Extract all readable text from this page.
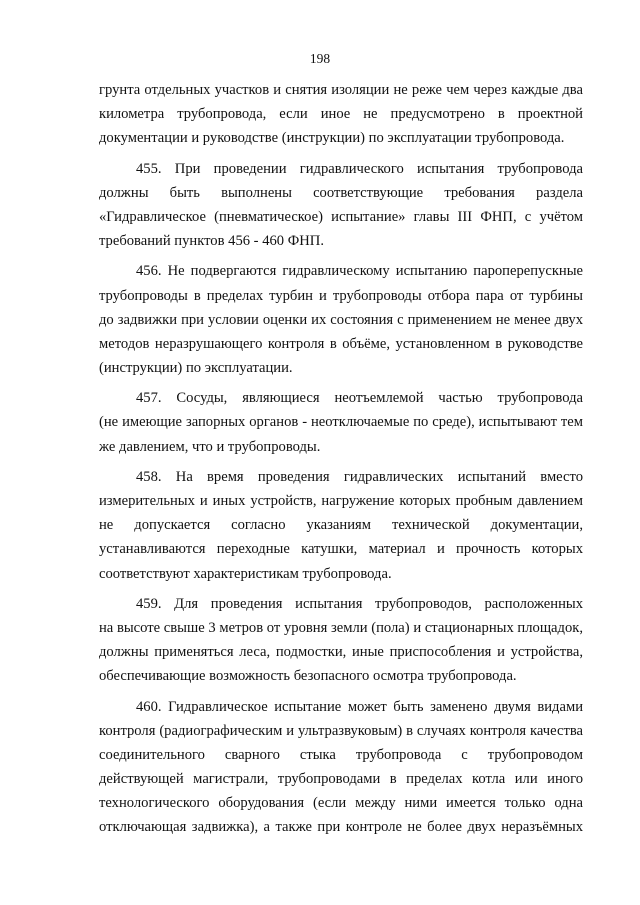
198
грунта отдельных участков и снятия изоляции не реже чем через каждые два
километра трубопровода, если иное не предусмотрено в проектной
документации и руководстве (инструкции) по эксплуатации трубопровода.
455. При проведении гидравлического испытания трубопровода
должны быть выполнены соответствующие требования раздела
«Гидравлическое (пневматическое) испытание» главы III ФНП, с учётом
требований пунктов 456 - 460 ФНП.
456. Не подвергаются гидравлическому испытанию пароперепускные
трубопроводы в пределах турбин и трубопроводы отбора пара от турбины
до задвижки при условии оценки их состояния с применением не менее двух
методов неразрушающего контроля в объёме, установленном в руководстве
(инструкции) по эксплуатации.
457. Сосуды, являющиеся неотъемлемой частью трубопровода
(не имеющие запорных органов - неотключаемые по среде), испытывают тем
же давлением, что и трубопроводы.
458. На время проведения гидравлических испытаний вместо
измерительных и иных устройств, нагружение которых пробным давлением
не допускается согласно указаниям технической документации,
устанавливаются переходные катушки, материал и прочность которых
соответствуют характеристикам трубопровода.
459. Для проведения испытания трубопроводов, расположенных
на высоте свыше 3 метров от уровня земли (пола) и стационарных площадок,
должны применяться леса, подмостки, иные приспособления и устройства,
обеспечивающие возможность безопасного осмотра трубопровода.
460. Гидравлическое испытание может быть заменено двумя видами
контроля (радиографическим и ультразвуковым) в случаях контроля качества
соединительного сварного стыка трубопровода с трубопроводом
действующей магистрали, трубопроводами в пределах котла или иного
технологического оборудования (если между ними имеется только одна
отключающая задвижка), а также при контроле не более двух неразъёмных
